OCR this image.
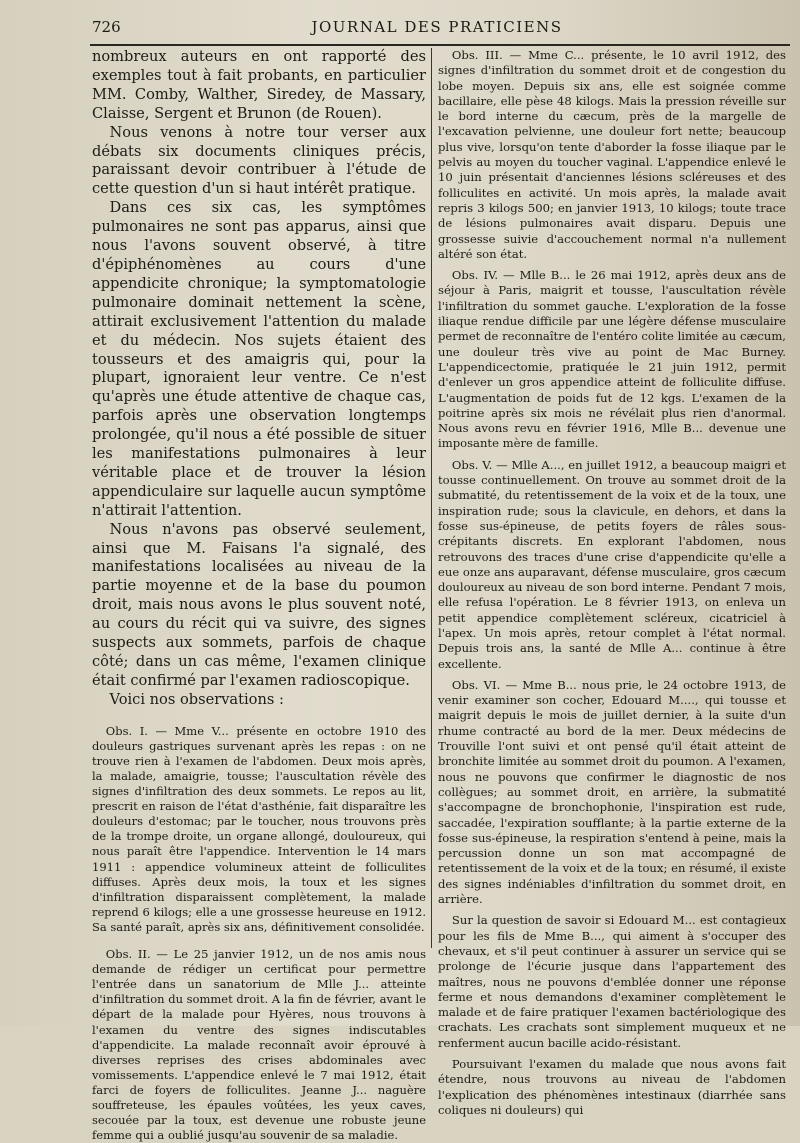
726	JOURNAL DES PRATICIENS

nombreux auteurs en ont rapporté des exemples tout à fait probants, en particulier MM. Comby, Walther, Siredey, de Massary, Claisse, Sergent et Brunon (de Rouen).

Nous venons à notre tour verser aux débats six documents cliniques précis, paraissant devoir contribuer à l'étude de cette question d'un si haut intérêt pratique.

Dans ces six cas, les symptômes pulmonaires ne sont pas apparus, ainsi que nous l'avons souvent observé, à titre d'épiphénomènes au cours d'une appendicite chronique; la symptomatologie pulmonaire dominait nettement la scène, attirait exclusivement l'attention du malade et du médecin. Nos sujets étaient des tousseurs et des amaigris qui, pour la plupart, ignoraient leur ventre. Ce n'est qu'après une étude attentive de chaque cas, parfois après une observation longtemps prolongée, qu'il nous a été possible de situer les manifestations pulmonaires à leur véritable place et de trouver la lésion appendiculaire sur laquelle aucun symptôme n'attirait l'attention.

Nous n'avons pas observé seulement, ainsi que M. Faisans l'a signalé, des manifestations localisées au niveau de la partie moyenne et de la base du poumon droit, mais nous avons le plus souvent noté, au cours du récit qui va suivre, des signes suspects aux sommets, parfois de chaque côté; dans un cas même, l'examen clinique était confirmé par l'examen radioscopique.

Voici nos observations :

Obs. I. — Mme V... présente en octobre 1910 des douleurs gastriques survenant après les repas : on ne trouve rien à l'examen de l'abdomen. Deux mois après, la malade, amaigrie, tousse; l'auscultation révèle des signes d'infiltration des deux sommets. Le repos au lit, prescrit en raison de l'état d'asthénie, fait disparaître les douleurs d'estomac; par le toucher, nous trouvons près de la trompe droite, un organe allongé, douloureux, qui nous paraît être l'appendice. Intervention le 14 mars 1911 : appendice volumineux atteint de folliculites diffuses. Après deux mois, la toux et les signes d'infiltration disparaissent complètement, la malade reprend 6 kilogs; elle a une grossesse heureuse en 1912. Sa santé paraît, après six ans, définitivement consolidée.

Obs. II. — Le 25 janvier 1912, un de nos amis nous demande de rédiger un certificat pour permettre l'entrée dans un sanatorium de Mlle J... atteinte d'infiltration du sommet droit. A la fin de février, avant le départ de la malade pour Hyères, nous trouvons à l'examen du ventre des signes indiscutables d'appendicite. La malade reconnaît avoir éprouvé à diverses reprises des crises abdominales avec vomissements. L'appendice enlevé le 7 mai 1912, était farci de foyers de folliculites. Jeanne J... naguère souffreteuse, les épaules voûtées, les yeux caves, secouée par la toux, est devenue une robuste jeune femme qui a oublié jusqu'au souvenir de sa maladie.

Obs. III. — Mme C... présente, le 10 avril 1912, des signes d'infiltration du sommet droit et de congestion du lobe moyen. Depuis six ans, elle est soignée comme bacillaire, elle pèse 48 kilogs. Mais la pression réveille sur le bord interne du cæcum, près de la margelle de l'excavation pelvienne, une douleur fort nette; beaucoup plus vive, lorsqu'on tente d'aborder la fosse iliaque par le pelvis au moyen du toucher vaginal. L'appendice enlevé le 10 juin présentait d'anciennes lésions scléreuses et des folliculites en activité. Un mois après, la malade avait repris 3 kilogs 500; en janvier 1913, 10 kilogs; toute trace de lésions pulmonaires avait disparu. Depuis une grossesse suivie d'accouchement normal n'a nullement altéré son état.

Obs. IV. — Mlle B... le 26 mai 1912, après deux ans de séjour à Paris, maigrit et tousse, l'auscultation révèle l'infiltration du sommet gauche. L'exploration de la fosse iliaque rendue difficile par une légère défense musculaire permet de reconnaître de l'entéro colite limitée au cæcum, une douleur très vive au point de Mac Burney. L'appendicectomie, pratiquée le 21 juin 1912, permit d'enlever un gros appendice atteint de folliculite diffuse. L'augmentation de poids fut de 12 kgs. L'examen de la poitrine après six mois ne révélait plus rien d'anormal. Nous avons revu en février 1916, Mlle B... devenue une imposante mère de famille.

Obs. V. — Mlle A..., en juillet 1912, a beaucoup maigri et tousse continuellement. On trouve au sommet droit de la submatité, du retentissement de la voix et de la toux, une inspiration rude; sous la clavicule, en dehors, et dans la fosse sus-épineuse, de petits foyers de râles sous-crépitants discrets. En explorant l'abdomen, nous retrouvons des traces d'une crise d'appendicite qu'elle a eue onze ans auparavant, défense musculaire, gros cæcum douloureux au niveau de son bord interne. Pendant 7 mois, elle refusa l'opération. Le 8 février 1913, on enleva un petit appendice complètement scléreux, cicatriciel à l'apex. Un mois après, retour complet à l'état normal. Depuis trois ans, la santé de Mlle A... continue à être excellente.

Obs. VI. — Mme B... nous prie, le 24 octobre 1913, de venir examiner son cocher, Edouard M...., qui tousse et maigrit depuis le mois de juillet dernier, à la suite d'un rhume contracté au bord de la mer. Deux médecins de Trouville l'ont suivi et ont pensé qu'il était atteint de bronchite limitée au sommet droit du poumon. A l'examen, nous ne pouvons que confirmer le diagnostic de nos collègues; au sommet droit, en arrière, la submatité s'accompagne de bronchophonie, l'inspiration est rude, saccadée, l'expiration soufflante; à la partie externe de la fosse sus-épineuse, la respiration s'entend à peine, mais la percussion donne un son mat accompagné de retentissement de la voix et de la toux; en résumé, il existe des signes indéniables d'infiltration du sommet droit, en arrière.

Sur la question de savoir si Edouard M... est contagieux pour les fils de Mme B..., qui aiment à s'occuper des chevaux, et s'il peut continuer à assurer un service qui se prolonge de l'écurie jusque dans l'appartement des maîtres, nous ne pouvons d'emblée donner une réponse ferme et nous demandons d'examiner complètement le malade et de faire pratiquer l'examen bactériologique des crachats. Les crachats sont simplement muqueux et ne renferment aucun bacille acido-résistant.

Poursuivant l'examen du malade que nous avons fait étendre, nous trouvons au niveau de l'abdomen l'explication des phénomènes intestinaux (diarrhée sans coliques ni douleurs) qui
